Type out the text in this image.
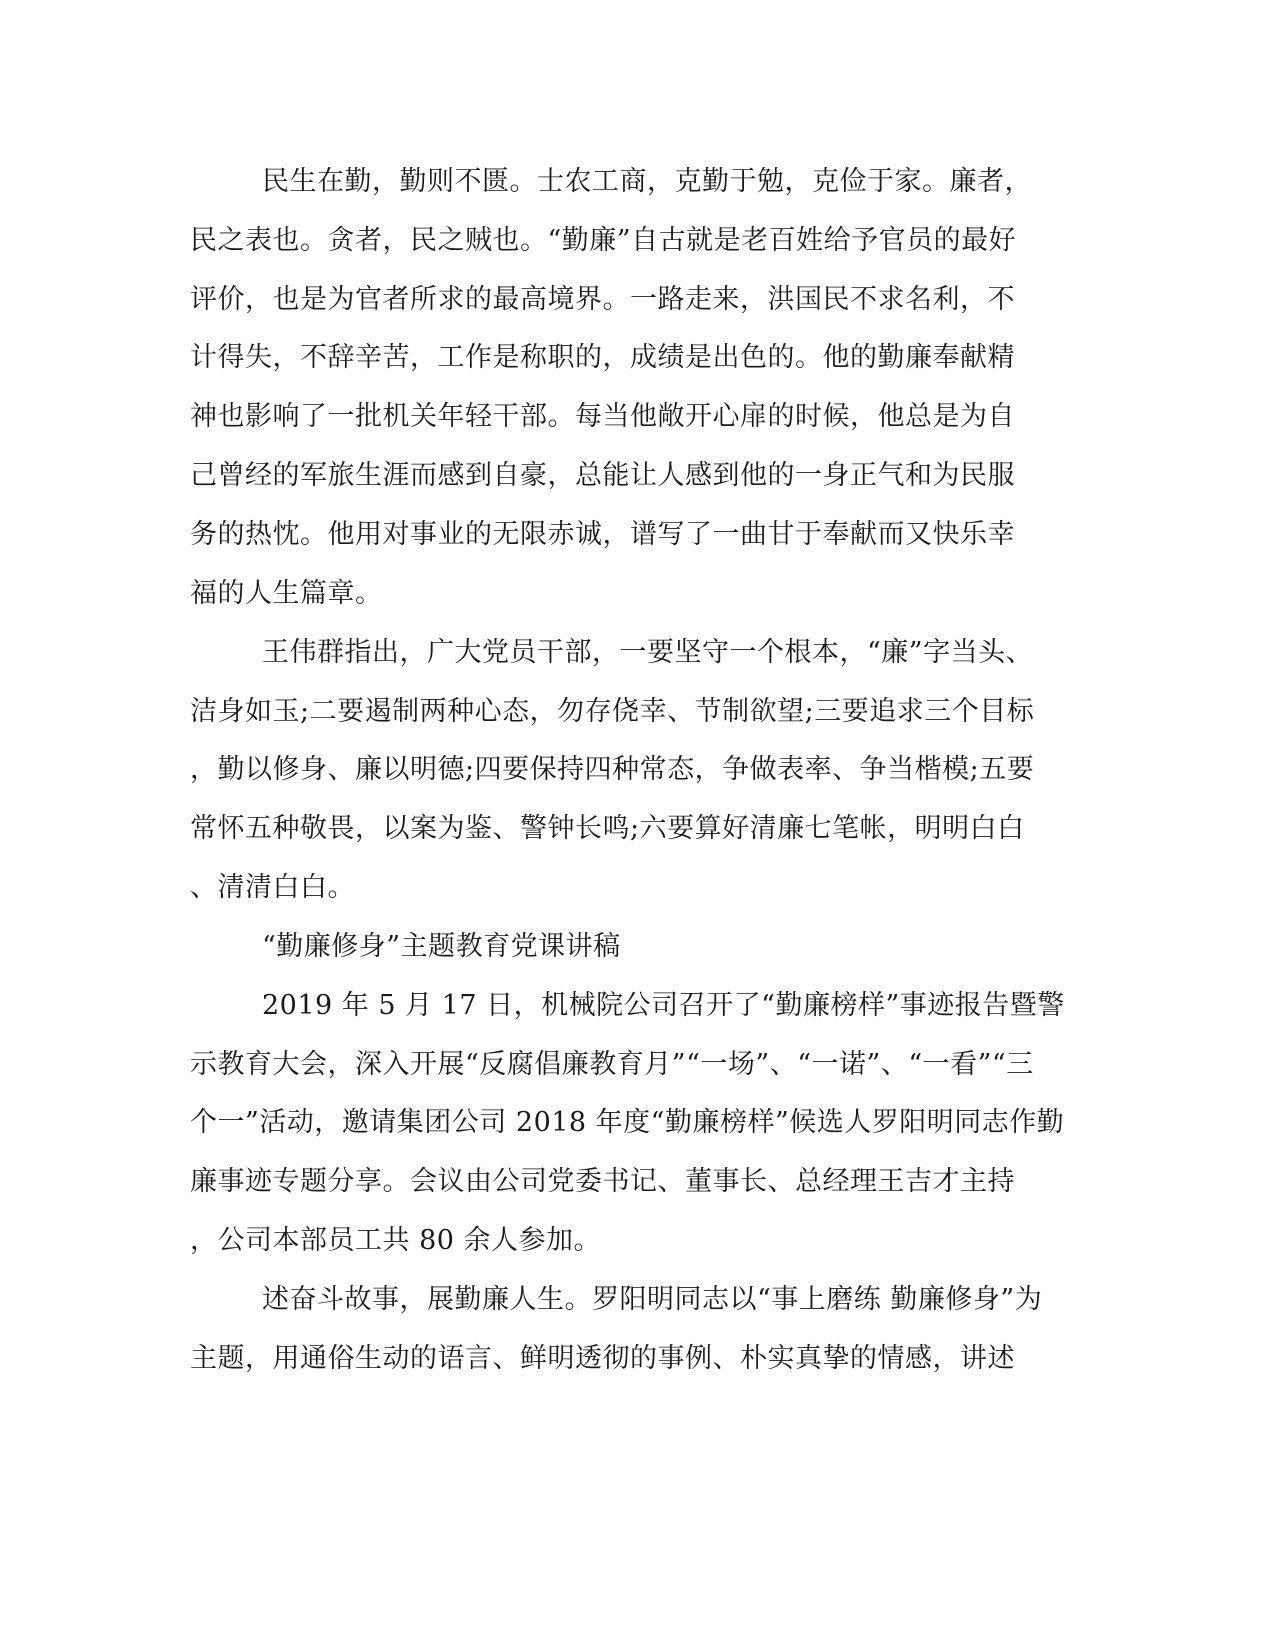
民生在勤，勤则不匮。士农工商，克勤于勉，克俭于家。廉者，
民之表也。贪者，民之贼也。“勤廉”自古就是老百姓给予官员的最好
评价，也是为官者所求的最高境界。一路走来，洪国民不求名利，不
计得失，不辞辛苦，工作是称职的，成绩是出色的。他的勤廉奉献精
神也影响了一批机关年轻干部。每当他敞开心扉的时候，他总是为自
己曾经的军旅生涯而感到自豪，总能让人感到他的一身正气和为民服
务的热忱。他用对事业的无限赤诚，谱写了一曲甘于奉献而又快乐幸
福的人生篇章。
王伟群指出，广大党员干部，一要坚守一个根本，“廉”字当头、
洁身如玉;二要遏制两种心态，勿存侥幸、节制欲望;三要追求三个目标
，勤以修身、廉以明德;四要保持四种常态，争做表率、争当楷模;五要
常怀五种敬畏，以案为鉴、警钟长鸣;六要算好清廉七笔帐，明明白白
、清清白白。
“勤廉修身”主题教育党课讲稿
2019 年 5 月 17 日，机械院公司召开了“勤廉榜样”事迹报告暨警
示教育大会，深入开展“反腐倡廉教育月”“一场”、“一诺”、“一看”“三
个一”活动，邀请集团公司 2018 年度“勤廉榜样”候选人罗阳明同志作勤
廉事迹专题分享。会议由公司党委书记、董事长、总经理王吉才主持
，公司本部员工共 80 余人参加。
述奋斗故事，展勤廉人生。罗阳明同志以“事上磨练 勤廉修身”为
主题，用通俗生动的语言、鲜明透彻的事例、朴实真挚的情感，讲述
